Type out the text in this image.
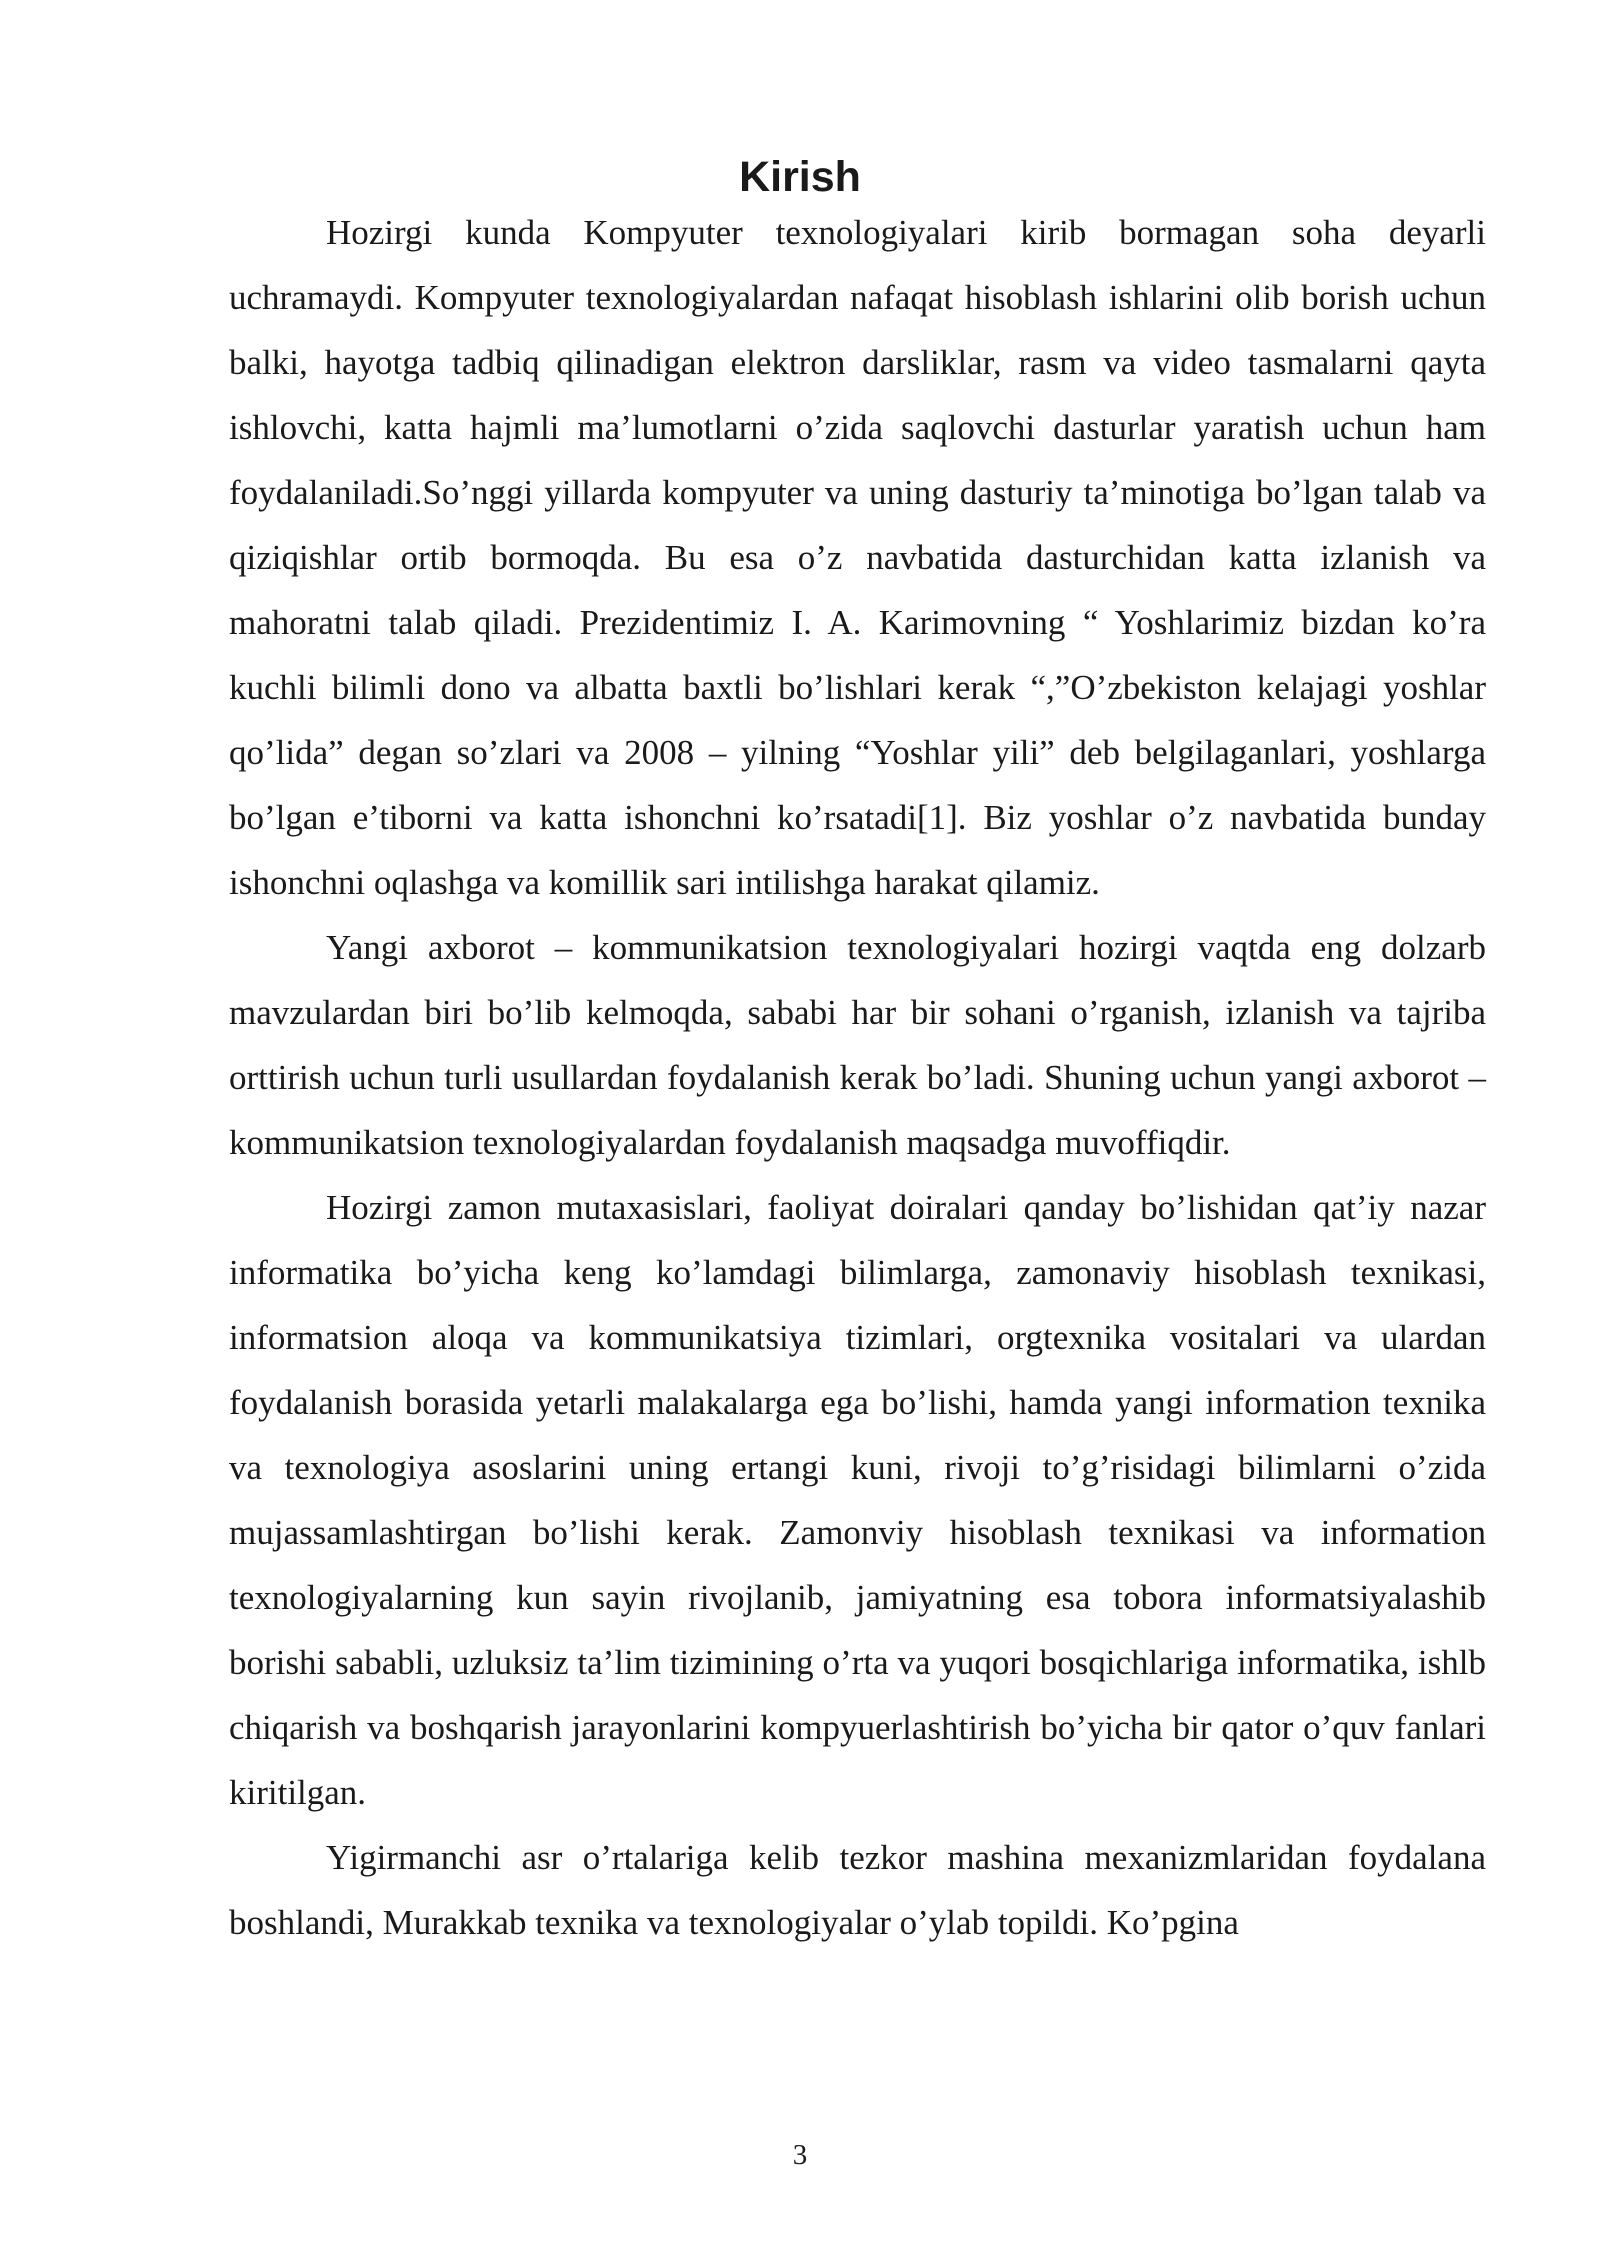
Kirish

Hozirgi kunda Kompyuter texnologiyalari kirib bormagan soha deyarli uchramaydi. Kompyuter texnologiyalardan nafaqat hisoblash ishlarini olib borish uchun balki, hayotga tadbiq qilinadigan elektron darsliklar, rasm va video tasmalarni qayta ishlovchi, katta hajmli ma’lumotlarni o’zida saqlovchi dasturlar yaratish uchun ham foydalaniladi.So’nggi yillarda kompyuter va uning dasturiy ta’minotiga bo’lgan talab va qiziqishlar ortib bormoqda. Bu esa o’z navbatida dasturchidan katta izlanish va mahoratni talab qiladi. Prezidentimiz I. A. Karimovning “ Yoshlarimiz bizdan ko’ra kuchli bilimli dono va albatta baxtli bo’lishlari kerak “,”O’zbekiston kelajagi yoshlar qo’lida” degan so’zlari va 2008 – yilning “Yoshlar yili” deb belgilaganlari, yoshlarga bo’lgan e’tiborni va katta ishonchni ko’rsatadi[1]. Biz yoshlar o’z navbatida bunday ishonchni oqlashga va komillik sari intilishga harakat qilamiz.

Yangi axborot – kommunikatsion texnologiyalari hozirgi vaqtda eng dolzarb mavzulardan biri bo’lib kelmoqda, sababi har bir sohani o’rganish, izlanish va tajriba orttirish uchun turli usullardan foydalanish kerak bo’ladi. Shuning uchun yangi axborot – kommunikatsion texnologiyalardan foydalanish maqsadga muvoffiqdir.

Hozirgi zamon mutaxasislari, faoliyat doiralari qanday bo’lishidan qat’iy nazar informatika bo’yicha keng ko’lamdagi bilimlarga, zamonaviy hisoblash texnikasi, informatsion aloqa va kommunikatsiya tizimlari, orgtexnika vositalari va ulardan foydalanish borasida yetarli malakalarga ega bo’lishi, hamda yangi information texnika va texnologiya asoslarini uning ertangi kuni, rivoji to’g’risidagi bilimlarni o’zida mujassamlashtirgan bo’lishi kerak. Zamonviy hisoblash texnikasi va information texnologiyalarning kun sayin rivojlanib, jamiyatning esa tobora informatsiyalashib borishi sababli, uzluksiz ta’lim tizimining o’rta va yuqori bosqichlariga informatika, ishlb chiqarish va boshqarish jarayonlarini kompyuerlashtirish bo’yicha bir qator o’quv fanlari kiritilgan.

Yigirmanchi asr o’rtalariga kelib tezkor mashina mexanizmlaridan foydalana boshlandi, Murakkab texnika va texnologiyalar o’ylab topildi. Ko’pgina

3
